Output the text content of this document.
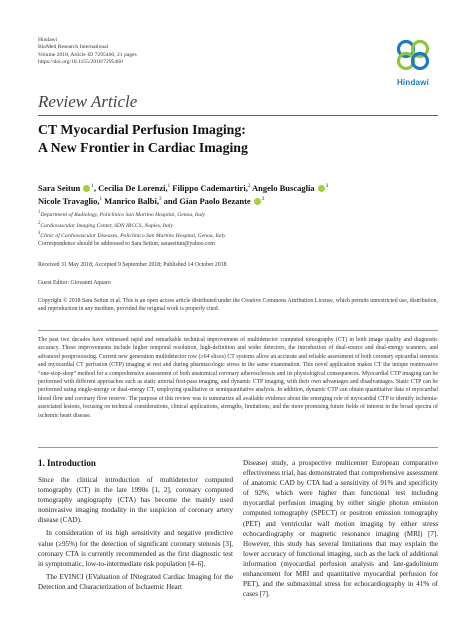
Hindawi
BioMed Research International
Volume 2018, Article ID 7295460, 21 pages
https://doi.org/10.1155/2018/7295460
Hindawi
Review Article
CT Myocardial Perfusion Imaging:
A New Frontier in Cardiac Imaging
Sara Seitun $^1$, Cecilia De Lorenzi,$^1$ Filippo Cademartiri,$^2$ Angelo Buscaglia $^3$
Nicole Travaglio,$^1$ Manrico Balbi,$^3$ and Gian Paolo Bezante $^3$
$^1$Department of Radiology, Policlinico San Martino Hospital, Genoa, Italy
$^2$Cardiovascular Imaging Center, SDN IRCCS, Naples, Italy
$^3$Clinic of Cardiovascular Diseases, Policlinico San Martino Hospital, Genoa, Italy
Correspondence should be addressed to Sara Seitun; saraseitun@yahoo.com
Received 31 May 2018; Accepted 9 September 2018; Published 14 October 2018
Guest Editor: Giovanni Aquaro
Copyright © 2018 Sara Seitun et al. This is an open access article distributed under the Creative Commons Attribution License, which permits unrestricted use, distribution, and reproduction in any medium, provided the original work is properly cited.
The past two decades have witnessed rapid and remarkable technical improvement of multidetector computed tomography (CT) in both image quality and diagnostic accuracy. These improvements include higher temporal resolution, high-definition and wider detectors, the introduction of dual-source and dual-energy scanners, and advanced postprocessing. Current new generation multidetector row (≥64 slices) CT systems allow an accurate and reliable assessment of both coronary epicardial stenosis and myocardial CT perfusion (CTP) imaging at rest and during pharmacologic stress in the same examination. This novel application makes CT the unique noninvasive “one-stop-shop” method for a comprehensive assessment of both anatomical coronary atherosclerosis and its physiological consequences. Myocardial CTP imaging can be performed with different approaches such as static arterial first-pass imaging, and dynamic CTP imaging, with their own advantages and disadvantages. Static CTP can be performed using single-energy or dual-energy CT, employing qualitative or semiquantitative analysis. In addition, dynamic CTP can obtain quantitative data of myocardial blood flow and coronary flow reserve. The purpose of this review was to summarize all available evidence about the emerging role of myocardial CTP to identify ischemia-associated lesions, focusing on technical considerations, clinical applications, strengths, limitations, and the more promising future fields of interest in the broad spectra of ischemic heart disease.
1. Introduction

Since the clinical introduction of multidetector computed tomography (CT) in the late 1990s [1, 2], coronary computed tomography angiography (CTA) has become the mainly used noninvasive imaging modality in the suspicion of coronary artery disease (CAD).

In consideration of its high sensitivity and negative predictive value (≥95%) for the detection of significant coronary stenosis [3], coronary CTA is currently recommended as the first diagnostic test in symptomatic, low-to-intermediate risk population [4–6].

The EVINCI (EValuation of INtegrated Cardiac Imaging for the Detection and Characterization of Ischaemic Heart

Disease) study, a prospective multicenter European comparative effectiveness trial, has demonstrated that comprehensive assessment of anatomic CAD by CTA had a sensitivity of 91% and specificity of 92%, which were higher than functional test including myocardial perfusion imaging by either single photon emission computed tomography (SPECT) or positron emission tomography (PET) and ventricular wall motion imaging by either stress echocardiography or magnetic resonance imaging (MRI) [7]. However, this study has several limitations that may explain the lower accuracy of functional imaging, such as the lack of additional information (myocardial perfusion analysis and late-gadolinium enhancement for MRI and quantitative myocardial perfusion for PET), and the submaximal stress for echocardiography in 41% of cases [7].
